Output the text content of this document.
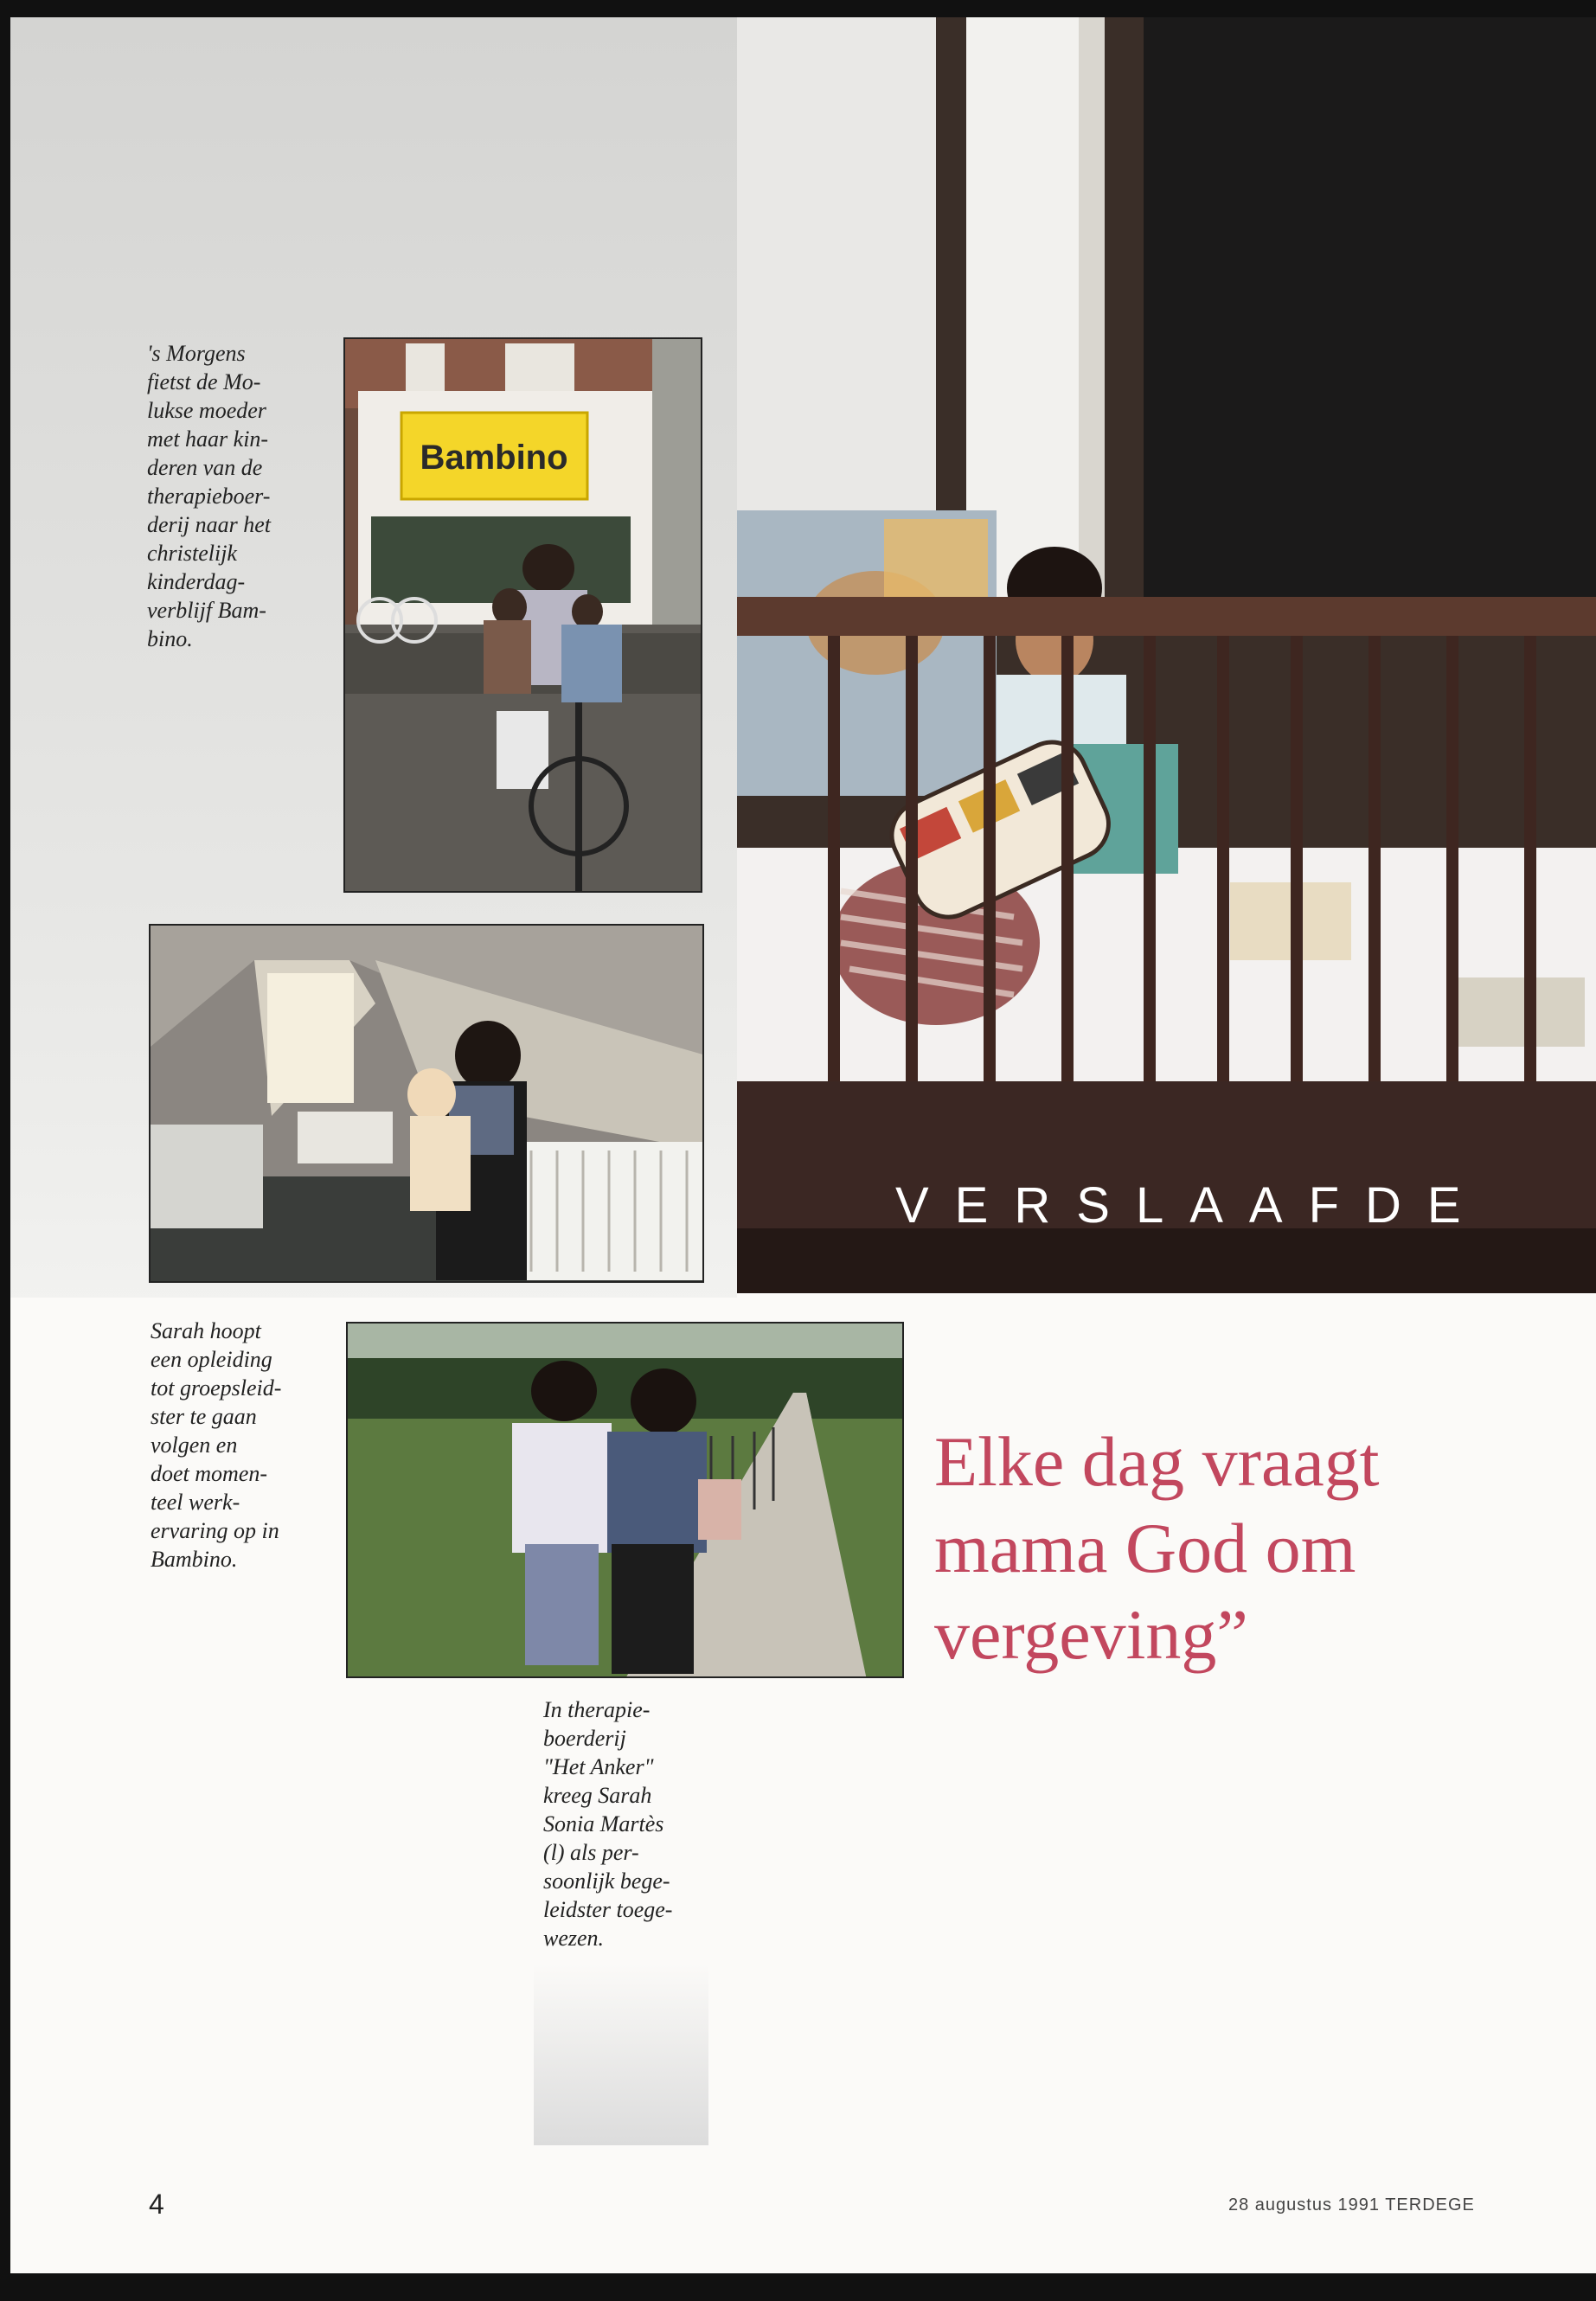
Bambino
's Morgens
fietst de Mo-
lukse moeder
met haar kin-
deren van de
therapieboer-
derij naar het
christelijk
kinderdag-
verblijf Bam-
bino.
VERSLAAFDE
Sarah hoopt
een opleiding
tot groepsleid-
ster te gaan
volgen en
doet momen-
teel werk-
ervaring op in
Bambino.
In therapie-
boerderij
"Het Anker"
kreeg Sarah
Sonia Martès
(l) als per-
soonlijk bege-
leidster toege-
wezen.
Elke dag vraagt
mama God om
vergeving”
4	28 augustus 1991 TERDEGE
